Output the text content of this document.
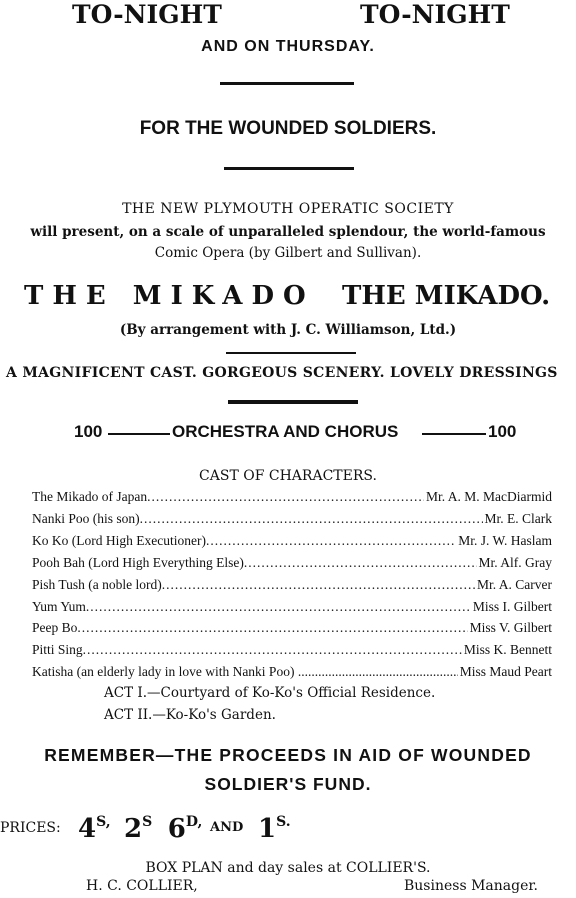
TO-NIGHT	TO-NIGHT
AND ON THURSDAY.
FOR THE WOUNDED SOLDIERS.
THE NEW PLYMOUTH OPERATIC SOCIETY
will present, on a scale of unparalleled splendour, the world-famous
Comic Opera (by Gilbert and Sullivan).
THE MIKADO THE MIKADO.
(By arrangement with J. C. Williamson, Ltd.)
A MAGNIFICENT CAST. GORGEOUS SCENERY. LOVELY DRESSINGS
100	ORCHESTRA AND CHORUS	100
CAST OF CHARACTERS.
The Mikado of Japan .....	Mr. A. M. MacDiarmid
Nanki Poo (his son) .....	Mr. E. Clark
Ko Ko (Lord High Executioner) .....	Mr. J. W. Haslam
Pooh Bah (Lord High Everything Else) .....	Mr. Alf. Gray
Pish Tush (a noble lord) .....	Mr. A. Carver
Yum Yum .....	Miss I. Gilbert
Peep Bo .....	Miss V. Gilbert
Pitti Sing .....	Miss K. Bennett
Katisha (an elderly lady in love with Nanki Poo) .. .....	Miss Maud Peart
ACT I.—Courtyard of Ko-Ko's Official Residence.
ACT II.—Ko-Ko's Garden.
REMEMBER—THE PROCEEDS IN AID OF WOUNDED
SOLDIER'S FUND.
PRICES: 4S, 2S 6D, AND 1S.
BOX PLAN and day sales at COLLIER'S.
H. C. COLLIER,	Business Manager.
